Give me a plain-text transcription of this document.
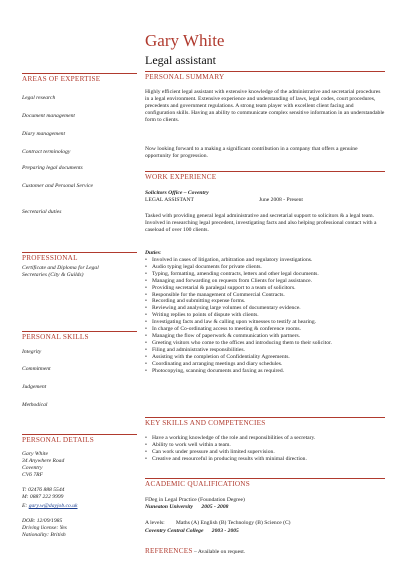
Gary White
Legal assistant
AREAS OF EXPERTISE
Legal research
Document management
Diary management
Contract terminology
Preparing legal documents
Customer and Personal Service
Secretarial duties
PROFESSIONAL
Certificate and Diploma for Legal Secretaries (City & Guilds)
PERSONAL SKILLS
Integrity
Commitment
Judgement
Methodical
PERSONAL DETAILS
Gary White
34 Anywhere Road
Coventry
CV6 7RF
T: 02476 888 5544
M: 0887 222 9999
E: gary.w@dayjob.co.uk
DOB: 12/09/1985
Driving license: Yes
Nationality: British
PERSONAL SUMMARY
Highly efficient legal assistant with extensive knowledge of the administrative and secretarial procedures in a legal environment. Extensive experience and understanding of laws, legal codes, court procedures, precedents and government regulations. A strong team player with excellent client facing and configuration skills. Having an ability to communicate complex sensitive information in an understandable form to clients.
Now looking forward to a making a significant contribution in a company that offers a genuine opportunity for progression.
WORK EXPERIENCE
Solicitors Office – Coventry
LEGAL ASSISTANT	June 2008 - Present
Tasked with providing general legal administrative and secretarial support to solicitors & a legal team. Involved in researching legal precedent, investigating facts and also helping professional contact with a caseload of over 100 clients.
Duties:
• Involved in cases of litigation, arbitration and regulatory investigations.
• Audio typing legal documents for private clients.
• Typing, formatting, amending contracts, letters and other legal documents.
• Managing and forwarding on requests from Clients for legal assistance.
• Providing secretarial & paralegal support to a team of solicitors.
• Responsible for the management of Commercial Contracts.
• Recording and submitting expense forms.
• Reviewing and analysing large volumes of documentary evidence.
• Writing replies to points of dispute with clients.
• Investigating facts and law & calling upon witnesses to testify at hearing.
• In charge of Co-ordinating access to meeting & conference rooms.
• Managing the flow of paperwork & communication with partners.
• Greeting visitors who come to the offices and introducing them to their solicitor.
• Filing and administrative responsibilities.
• Assisting with the completion of Confidentiality Agreements.
• Coordinating and arranging meetings and diary schedules.
• Photocopying, scanning documents and faxing as required.
KEY SKILLS AND COMPETENCIES
• Have a working knowledge of the role and responsibilities of a secretary.
• Ability to work well within a team.
• Can work under pressure and with limited supervision.
• Creative and resourceful in producing results with minimal direction.
ACADEMIC QUALIFICATIONS
FDeg in Legal Practice (Foundation Degree)
Nuneaton University      2005 - 2008
A levels:        Maths (A) English (B) Technology (B) Science (C)
Coventry Central College      2003 - 2005
REFERENCES – Available on request.
